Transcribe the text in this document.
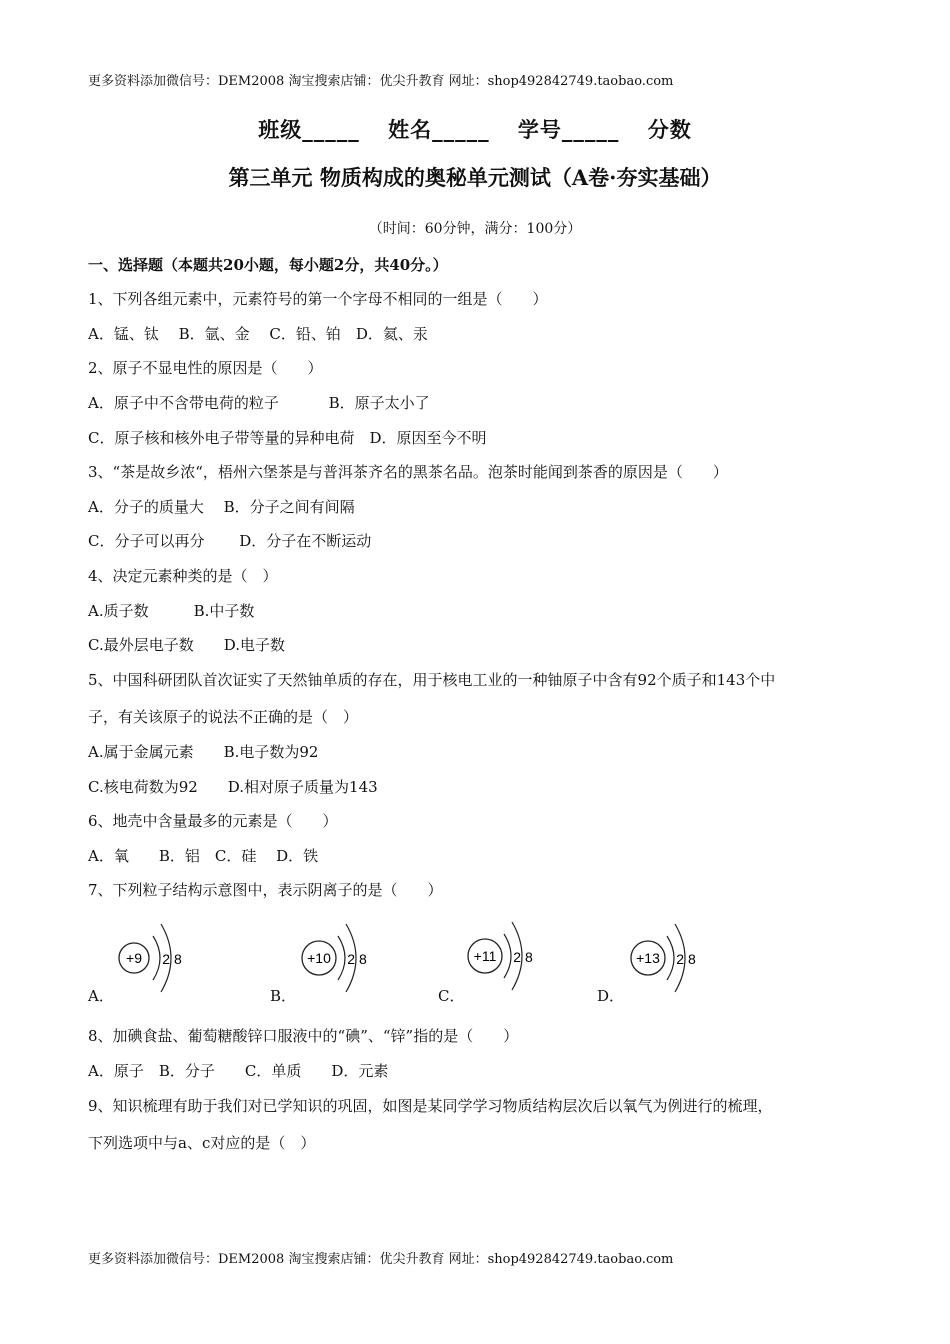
更多资料添加微信号：DEM2008 淘宝搜索店铺：优尖升教育 网址：shop492842749.taobao.com
班级_____ 姓名_____ 学号_____ 分数
第三单元 物质构成的奥秘单元测试（A卷·夯实基础）
（时间：60分钟，满分：100分）
一、选择题（本题共20小题，每小题2分，共40分。）
1、下列各组元素中，元素符号的第一个字母不相同的一组是（　　）
A．锰、钛　 B．氩、金　 C．铅、铂　D．氦、汞
2、原子不显电性的原因是（　　）
A．原子中不含带电荷的粒子　　　 B．原子太小了
C．原子核和核外电子带等量的异种电荷　D．原因至今不明
3、“茶是故乡浓“，梧州六堡茶是与普洱茶齐名的黑茶名品。泡茶时能闻到茶香的原因是（　　）
A．分子的质量大　 B．分子之间有间隔
C．分子可以再分　　 D．分子在不断运动
4、决定元素种类的是（　）
A.质子数　　　B.中子数
C.最外层电子数　　D.电子数
5、中国科研团队首次证实了天然铀单质的存在，用于核电工业的一种铀原子中含有92个质子和143个中
子，有关该原子的说法不正确的是（　）
A.属于金属元素　　B.电子数为92
C.核电荷数为92　　D.相对原子质量为143
6、地壳中含量最多的元素是（　　）
A．氧　　B．铝　C．硅　 D．铁
7、下列粒子结构示意图中，表示阴离子的是（　　）
A．	B．	C．	D．
+9 2 8	+10 2 8	+11 2 8	+13 2 8
8、加碘食盐、葡萄糖酸锌口服液中的“碘”、“锌”指的是（　　）
A．原子　B．分子　　C．单质　　D．元素
9、知识梳理有助于我们对已学知识的巩固，如图是某同学学习物质结构层次后以氧气为例进行的梳理，
下列选项中与a、c对应的是（　）
更多资料添加微信号：DEM2008 淘宝搜索店铺：优尖升教育 网址：shop492842749.taobao.com
